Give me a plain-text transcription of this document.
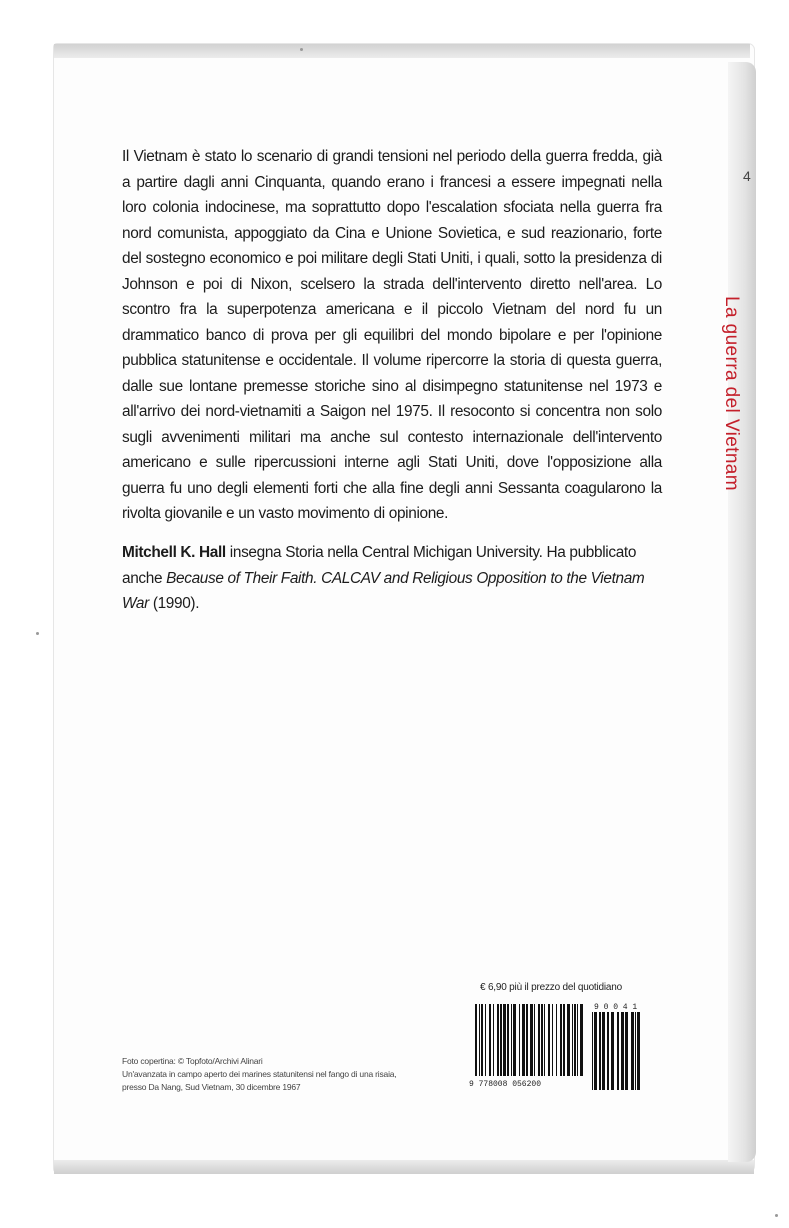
4
La guerra del Vietnam

Il Vietnam è stato lo scenario di grandi tensioni nel periodo della guerra fredda, già a partire dagli anni Cinquanta, quando erano i francesi a essere impegnati nella loro colonia indocinese, ma soprattutto dopo l'escalation sfociata nella guerra fra nord comunista, appoggiato da Cina e Unione Sovietica, e sud reazionario, forte del sostegno economico e poi militare degli Stati Uniti, i quali, sotto la presidenza di Johnson e poi di Nixon, scelsero la strada dell'intervento diretto nell'area. Lo scontro fra la superpotenza americana e il piccolo Vietnam del nord fu un drammatico banco di prova per gli equilibri del mondo bipolare e per l'opinione pubblica statunitense e occidentale. Il volume ripercorre la storia di questa guerra, dalle sue lontane premesse storiche sino al disimpegno statunitense nel 1973 e all'arrivo dei nord-vietnamiti a Saigon nel 1975. Il resoconto si concentra non solo sugli avvenimenti militari ma anche sul contesto internazionale dell'intervento americano e sulle ripercussioni interne agli Stati Uniti, dove l'opposizione alla guerra fu uno degli elementi forti che alla fine degli anni Sessanta coagularono la rivolta giovanile e un vasto movimento di opinione.

Mitchell K. Hall insegna Storia nella Central Michigan University. Ha pubblicato anche Because of Their Faith. CALCAV and Religious Opposition to the Vietnam War (1990).

€ 6,90 più il prezzo del quotidiano
9 778008 056200
9 0 0 4 1
Foto copertina: © Topfoto/Archivi Alinari
Un'avanzata in campo aperto dei marines statunitensi nel fango di una risaia,
presso Da Nang, Sud Vietnam, 30 dicembre 1967
